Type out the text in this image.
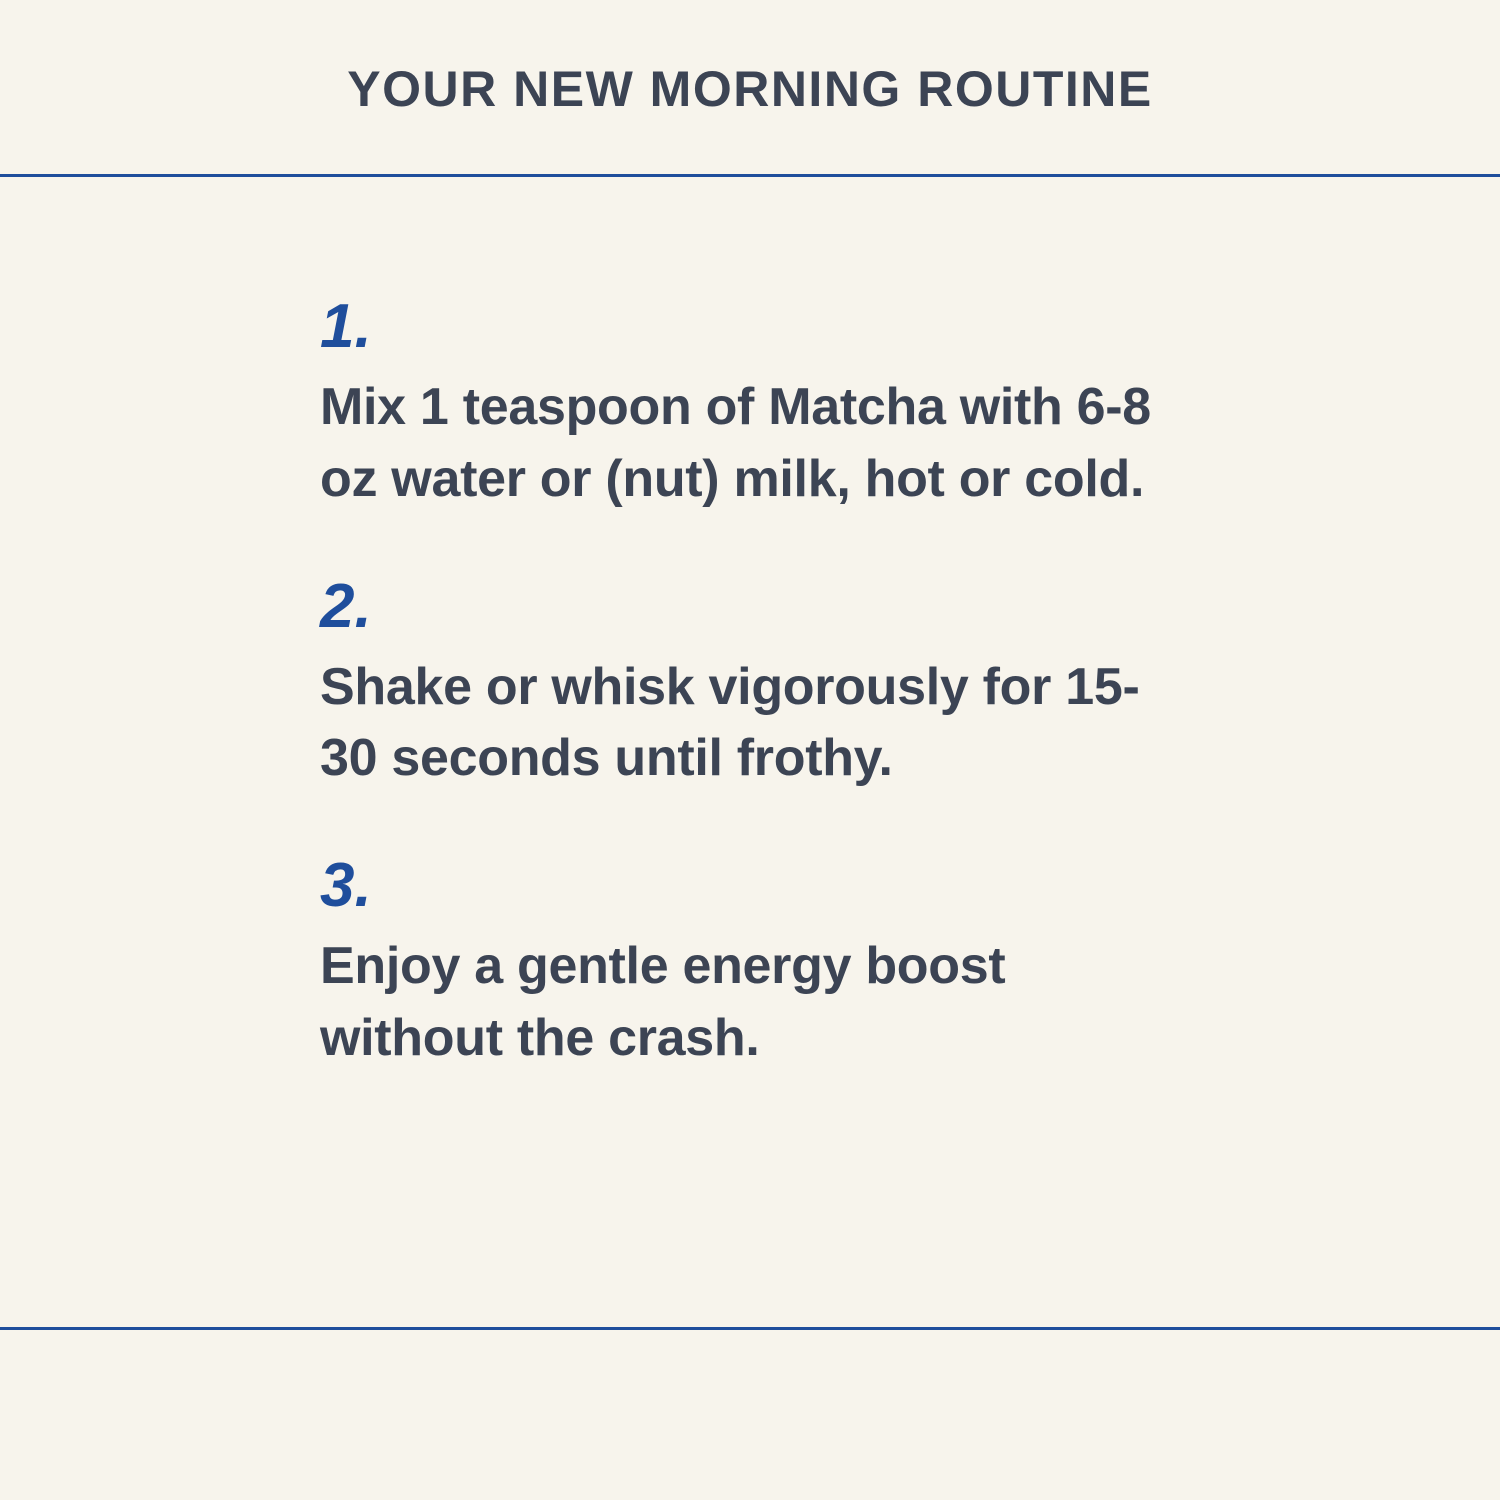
YOUR NEW MORNING ROUTINE
1.
Mix 1 teaspoon of Matcha with 6-8 oz water or (nut) milk, hot or cold.
2.
Shake or whisk vigorously for 15-30 seconds until frothy.
3.
Enjoy a gentle energy boost without the crash.
